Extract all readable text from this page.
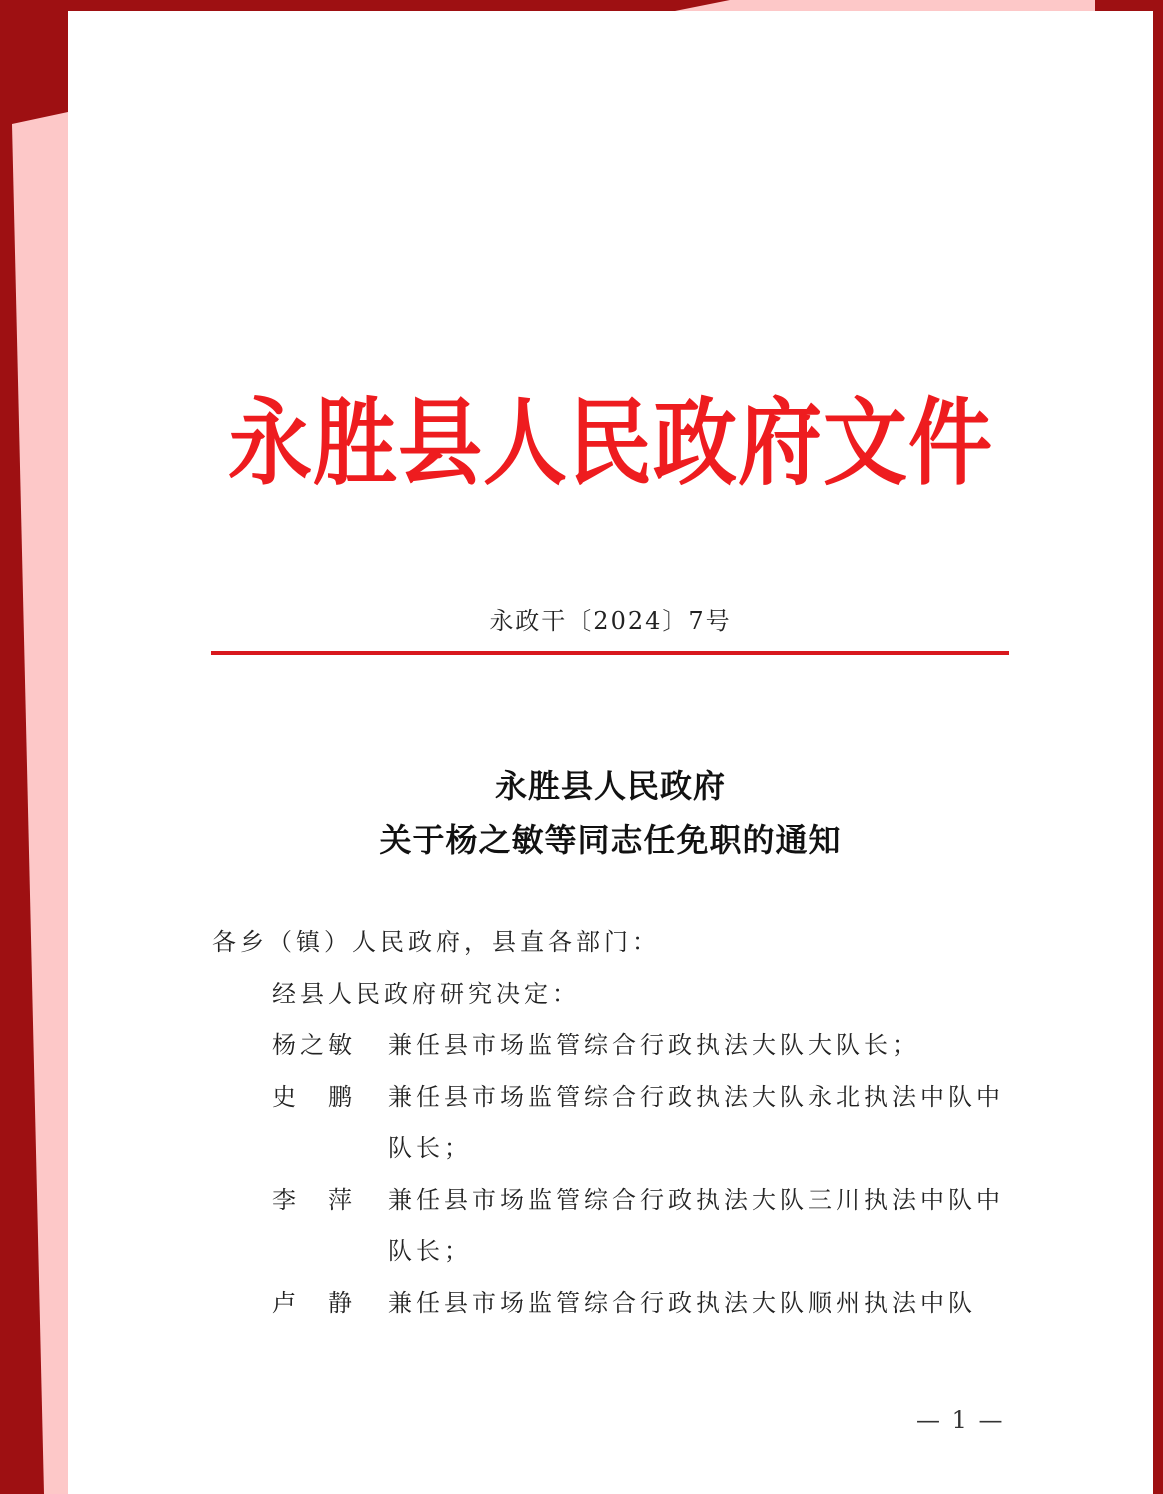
永胜县人民政府文件
永政干〔2024〕7号
永胜县人民政府
关于杨之敏等同志任免职的通知
各乡（镇）人民政府，县直各部门：
经县人民政府研究决定：
杨之敏	兼任县市场监管综合行政执法大队大队长；
史　鹏	兼任县市场监管综合行政执法大队永北执法中队中队长；
李　萍	兼任县市场监管综合行政执法大队三川执法中队中队长；
卢　静	兼任县市场监管综合行政执法大队顺州执法中队
— 1 —
